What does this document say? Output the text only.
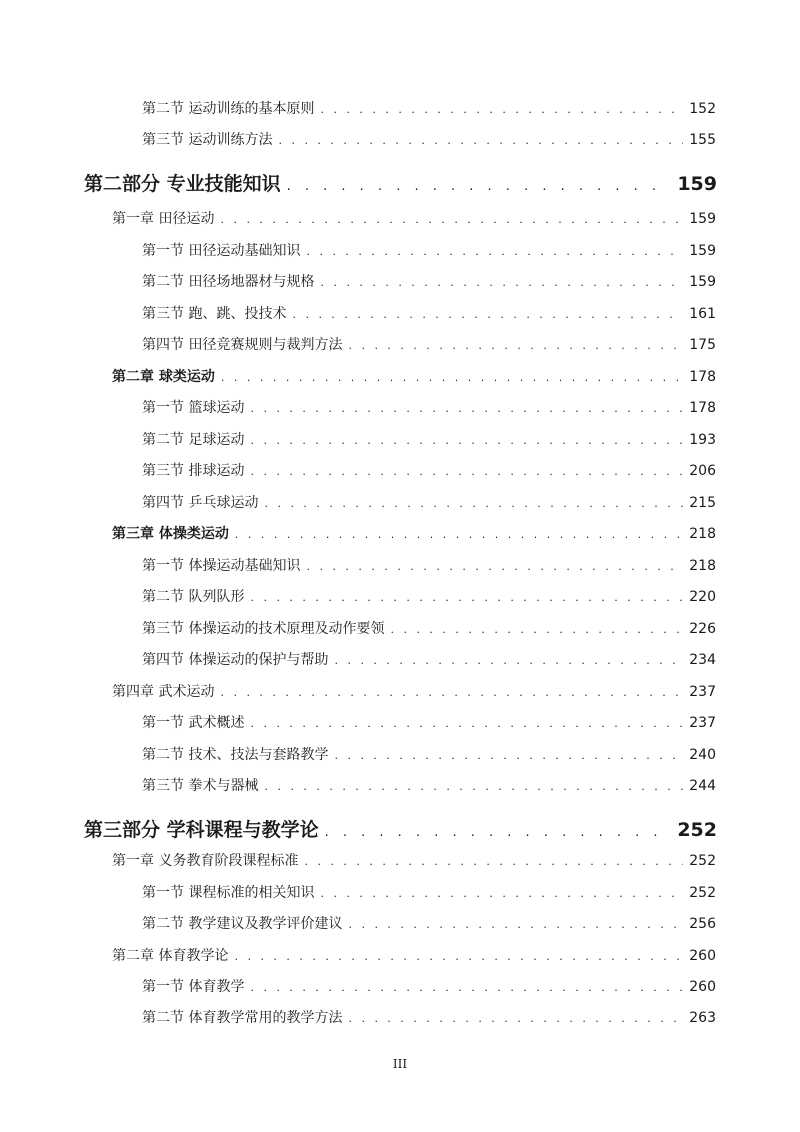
第二节 运动训练的基本原则 . . .	152
第三节 运动训练方法 . . .	155
第二部分 专业技能知识 . . .	159
第一章 田径运动 . . .	159
第一节 田径运动基础知识 . . .	159
第二节 田径场地器材与规格 . . .	159
第三节 跑、跳、投技术 . . .	161
第四节 田径竞赛规则与裁判方法 . . .	175
第二章 球类运动 . . .	178
第一节 篮球运动 . . .	178
第二节 足球运动 . . .	193
第三节 排球运动 . . .	206
第四节 乒乓球运动 . . .	215
第三章 体操类运动 . . .	218
第一节 体操运动基础知识 . . .	218
第二节 队列队形 . . .	220
第三节 体操运动的技术原理及动作要领 . . .	226
第四节 体操运动的保护与帮助 . . .	234
第四章 武术运动 . . .	237
第一节 武术概述 . . .	237
第二节 技术、技法与套路教学 . . .	240
第三节 拳术与器械 . . .	244
第三部分 学科课程与教学论 . . .	252
第一章 义务教育阶段课程标准 . . .	252
第一节 课程标准的相关知识 . . .	252
第二节 教学建议及教学评价建议 . . .	256
第二章 体育教学论 . . .	260
第一节 体育教学 . . .	260
第二节 体育教学常用的教学方法 . . .	263
III
